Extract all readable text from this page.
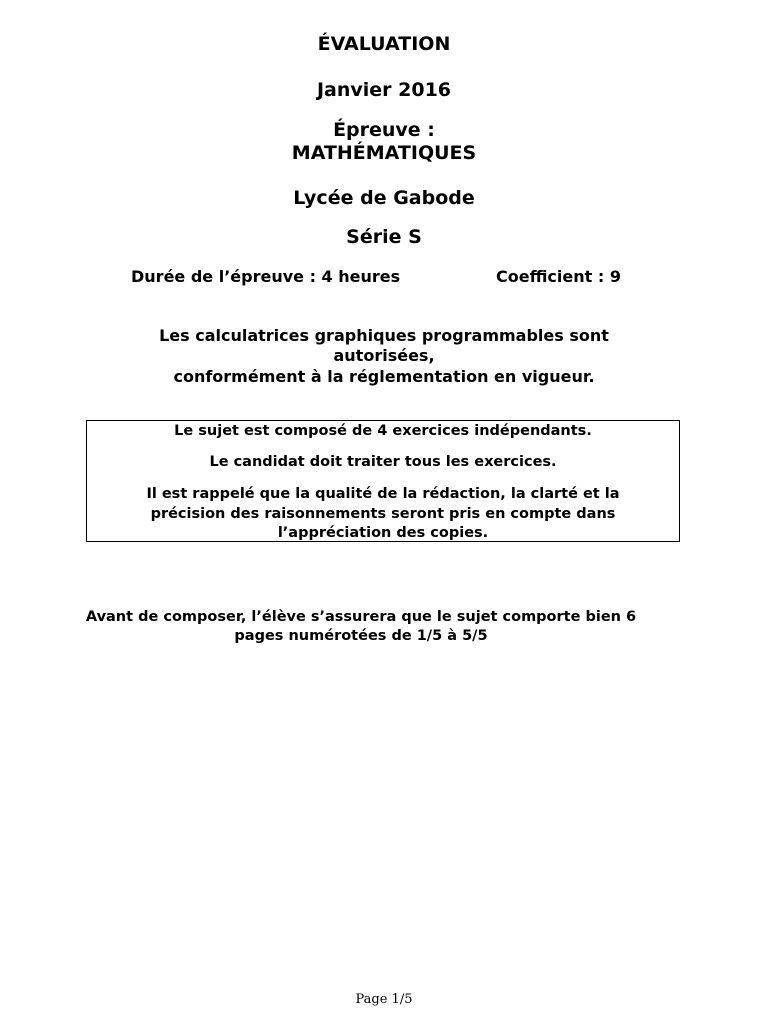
ÉVALUATION
Janvier 2016
Épreuve :
MATHÉMATIQUES
Lycée de Gabode
Série S
Durée de l’épreuve : 4 heures	Coefficient : 9
Les calculatrices graphiques programmables sont
autorisées,
conformément à la réglementation en vigueur.
Le sujet est composé de 4 exercices indépendants.
Le candidat doit traiter tous les exercices.
Il est rappelé que la qualité de la rédaction, la clarté et la
précision des raisonnements seront pris en compte dans
l’appréciation des copies.
Avant de composer, l’élève s’assurera que le sujet comporte bien 6
pages numérotées de 1/5 à 5/5
Page 1/5
